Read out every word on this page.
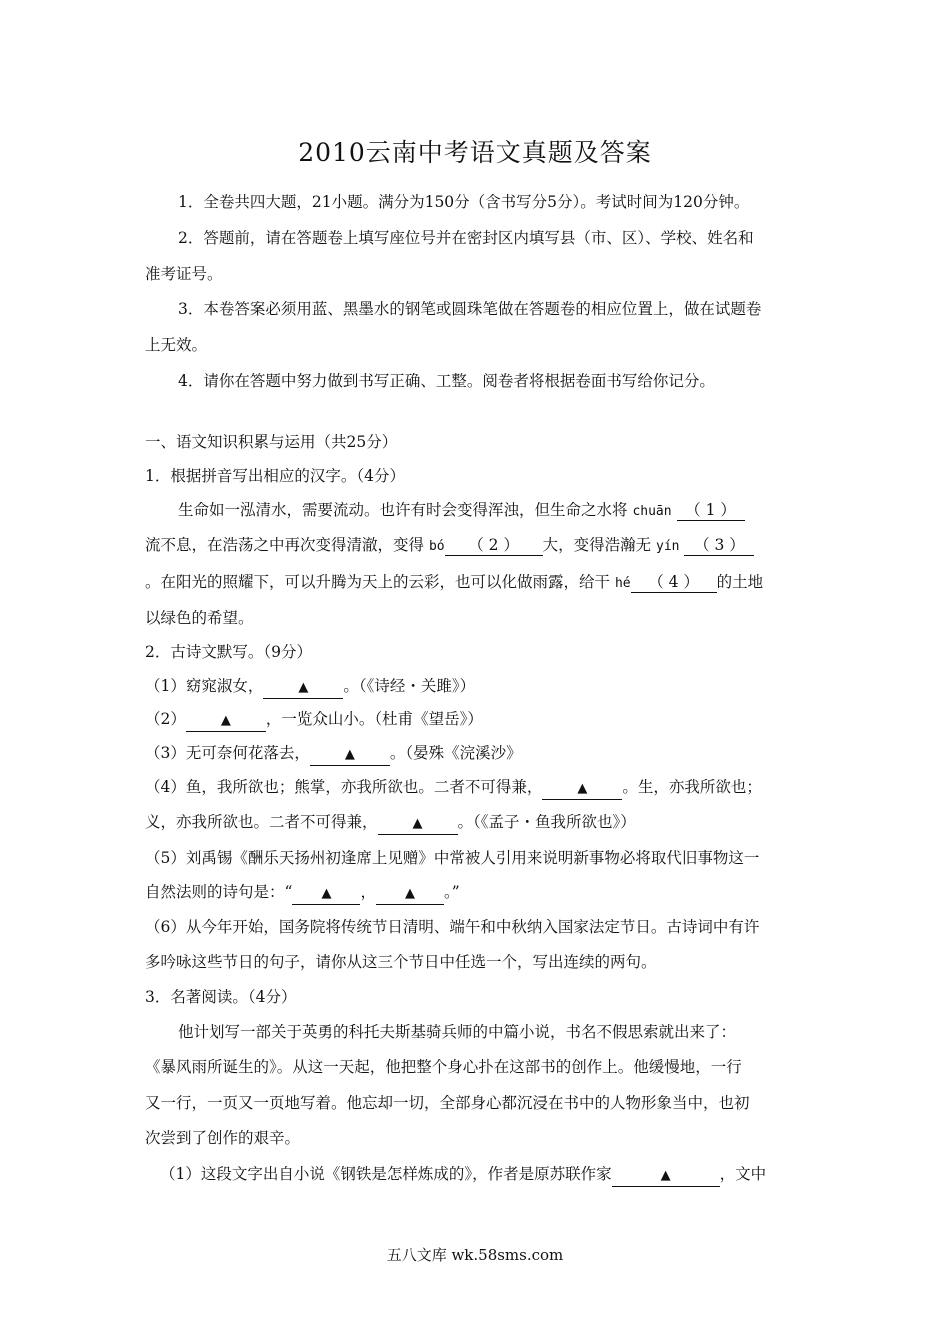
2010云南中考语文真题及答案
1．全卷共四大题，21小题。满分为150分（含书写分5分）。考试时间为120分钟。
2．答题前，请在答题卷上填写座位号并在密封区内填写县（市、区）、学校、姓名和
准考证号。
3．本卷答案必须用蓝、黑墨水的钢笔或圆珠笔做在答题卷的相应位置上，做在试题卷
上无效。
4．请你在答题中努力做到书写正确、工整。阅卷者将根据卷面书写给你记分。
一、语文知识积累与运用（共25分）
1．根据拼音写出相应的汉字。（4分）
生命如一泓清水，需要流动。也许有时会变得浑浊，但生命之水将 chuān （ 1 ）
流不息，在浩荡之中再次变得清澈，变得 bó （ 2 ） 大，变得浩瀚无 yín （ 3 ）
。在阳光的照耀下，可以升腾为天上的云彩，也可以化做雨露，给干 hé （ 4 ） 的土地
以绿色的希望。
2．古诗文默写。（9分）
（1）窈窕淑女，	▲ 。（《诗经・关雎》）
（2）	▲ ，一览众山小。（杜甫《望岳》）
（3）无可奈何花落去，	▲ 。（晏殊《浣溪沙》
（4）鱼，我所欲也；熊掌，亦我所欲也。二者不可得兼，	▲ 。生，亦我所欲也；
义，亦我所欲也。二者不可得兼，	▲ 。（《孟子・鱼我所欲也》）
（5）刘禹锡《酬乐天扬州初逢席上见赠》中常被人引用来说明新事物必将取代旧事物这一
自然法则的诗句是：“ ▲ ， ▲ 。”
（6）从今年开始，国务院将传统节日清明、端午和中秋纳入国家法定节日。古诗词中有许
多吟咏这些节日的句子，请你从这三个节日中任选一个，写出连续的两句。
3．名著阅读。（4分）
他计划写一部关于英勇的科托夫斯基骑兵师的中篇小说，书名不假思索就出来了：
《暴风雨所诞生的》。从这一天起，他把整个身心扑在这部书的创作上。他缓慢地，一行
又一行，一页又一页地写着。他忘却一切，全部身心都沉浸在书中的人物形象当中，也初
次尝到了创作的艰辛。
（1）这段文字出自小说《钢铁是怎样炼成的》，作者是原苏联作家	▲	，文中
五八文库 wk.58sms.com
